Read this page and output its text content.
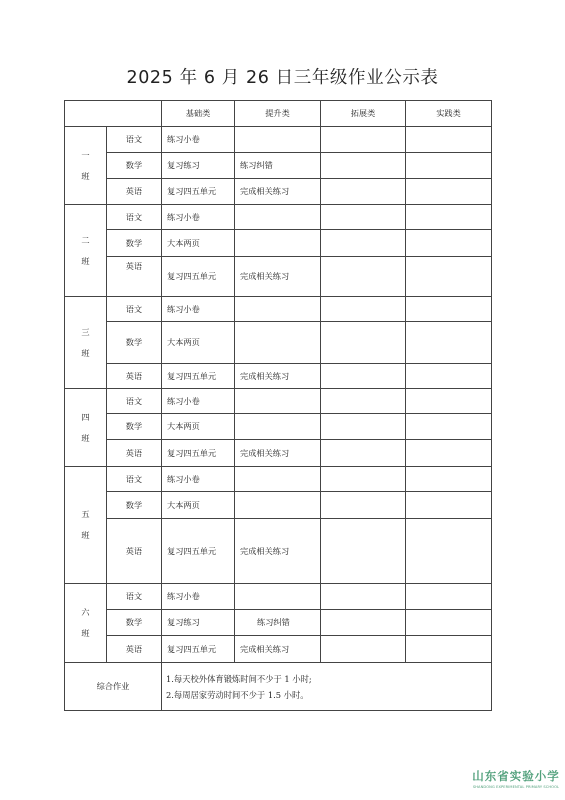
2025 年 6 月 26 日三年级作业公示表
		基础类	提升类	拓展类	实践类

一
班	语文	练习小卷			
	数学	复习练习	练习纠错		
	英语	复习四五单元	完成相关练习		

二
班	语文	练习小卷			
	数学	大本两页			
	英语	复习四五单元	完成相关练习		

三
班	语文	练习小卷			
	数学	大本两页			
	英语	复习四五单元	完成相关练习		

四
班	语文	练习小卷			
	数学	大本两页			
	英语	复习四五单元	完成相关练习		

五
班	语文	练习小卷			
	数学	大本两页			
	英语	复习四五单元	完成相关练习		

六
班	语文	练习小卷			
	数学	复习练习	练习纠错		
	英语	复习四五单元	完成相关练习		
综合作业		1.每天校外体育锻炼时间不少于 1 小时;
2.每周居家劳动时间不少于 1.5 小时。			
山东省实验小学
SHANDONG EXPERIMENTAL PRIMARY SCHOOL
